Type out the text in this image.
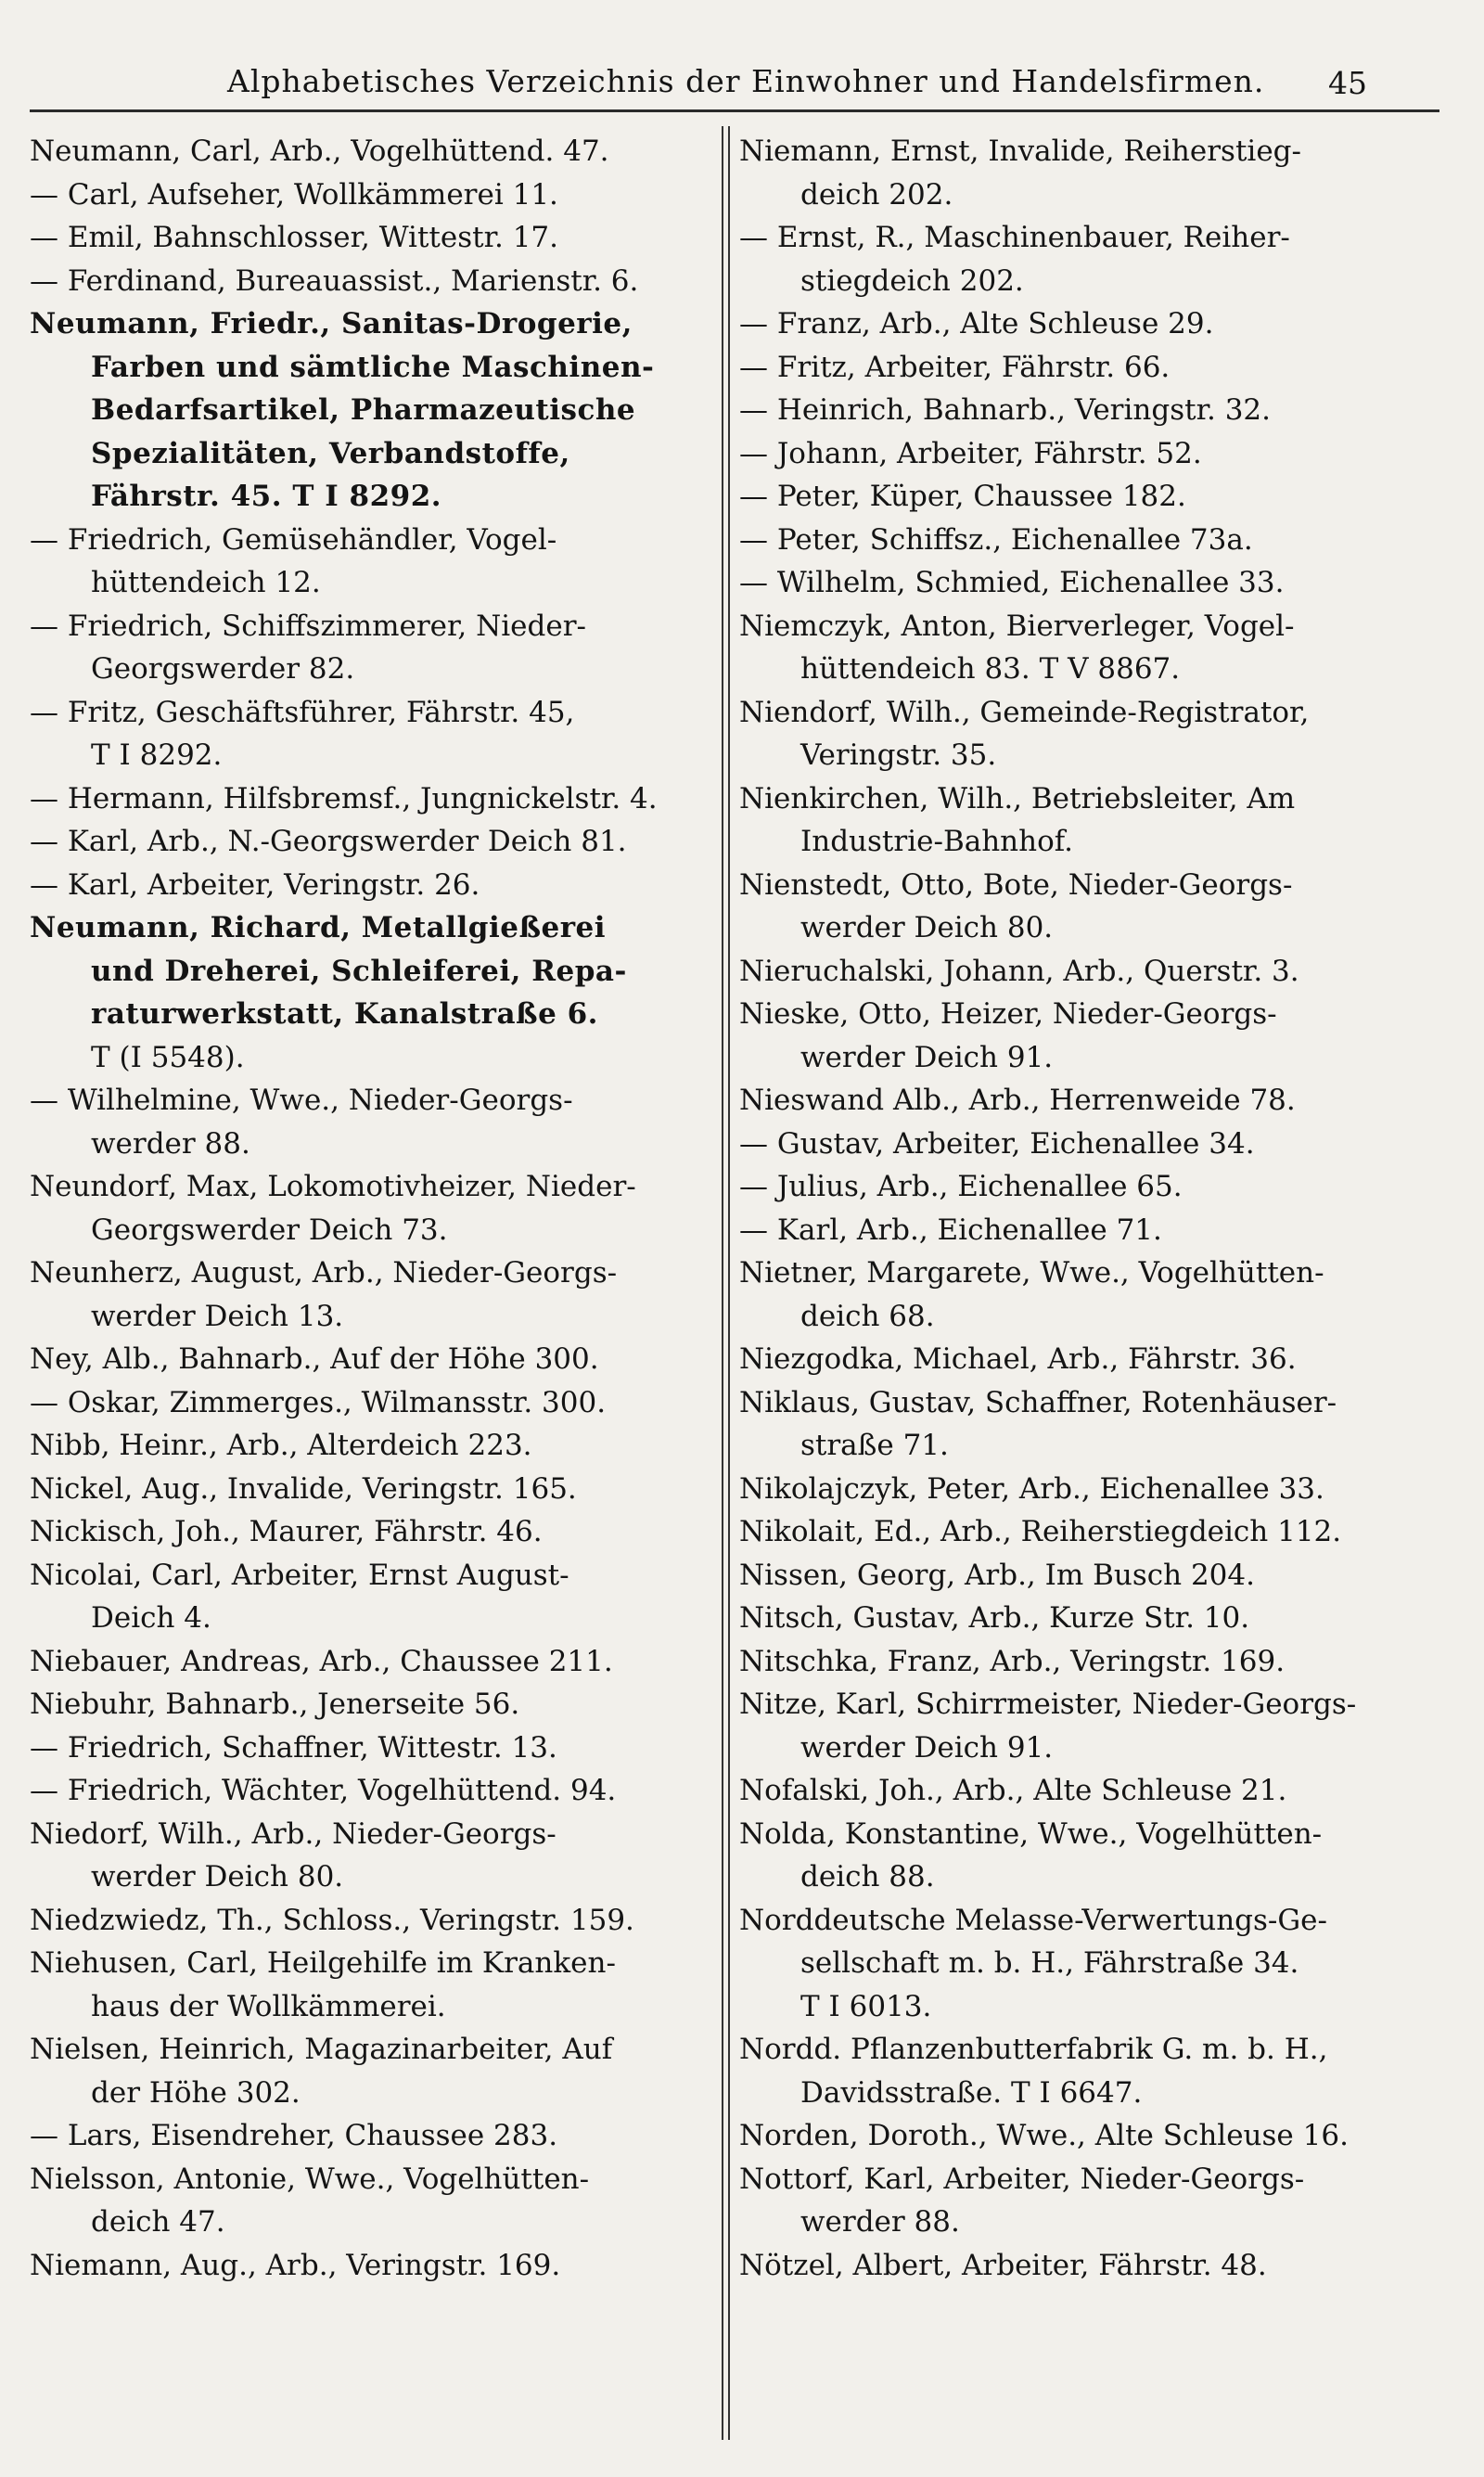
Alphabetisches Verzeichnis der Einwohner und Handelsfirmen.	45
Neumann, Carl, Arb., Vogelhüttend. 47.
— Carl, Aufseher, Wollkämmerei 11.
— Emil, Bahnschlosser, Wittestr. 17.
— Ferdinand, Bureauassist., Marienstr. 6.
Neumann, Friedr., Sanitas-Drogerie,
Farben und sämtliche Maschinen-
Bedarfsartikel, Pharmazeutische
Spezialitäten, Verbandstoffe,
Fährstr. 45. T I 8292.
— Friedrich, Gemüsehändler, Vogel-
hüttendeich 12.
— Friedrich, Schiffszimmerer, Nieder-
Georgswerder 82.
— Fritz, Geschäftsführer, Fährstr. 45,
T I 8292.
— Hermann, Hilfsbremsf., Jungnickelstr. 4.
— Karl, Arb., N.-Georgswerder Deich 81.
— Karl, Arbeiter, Veringstr. 26.
Neumann, Richard, Metallgießerei
und Dreherei, Schleiferei, Repa-
raturwerkstatt, Kanalstraße 6.
T (I 5548).
— Wilhelmine, Wwe., Nieder-Georgs-
werder 88.
Neundorf, Max, Lokomotivheizer, Nieder-
Georgswerder Deich 73.
Neunherz, August, Arb., Nieder-Georgs-
werder Deich 13.
Ney, Alb., Bahnarb., Auf der Höhe 300.
— Oskar, Zimmerges., Wilmansstr. 300.
Nibb, Heinr., Arb., Alterdeich 223.
Nickel, Aug., Invalide, Veringstr. 165.
Nickisch, Joh., Maurer, Fährstr. 46.
Nicolai, Carl, Arbeiter, Ernst August-
Deich 4.
Niebauer, Andreas, Arb., Chaussee 211.
Niebuhr, Bahnarb., Jenerseite 56.
— Friedrich, Schaffner, Wittestr. 13.
— Friedrich, Wächter, Vogelhüttend. 94.
Niedorf, Wilh., Arb., Nieder-Georgs-
werder Deich 80.
Niedzwiedz, Th., Schloss., Veringstr. 159.
Niehusen, Carl, Heilgehilfe im Kranken-
haus der Wollkämmerei.
Nielsen, Heinrich, Magazinarbeiter, Auf
der Höhe 302.
— Lars, Eisendreher, Chaussee 283.
Nielsson, Antonie, Wwe., Vogelhütten-
deich 47.
Niemann, Aug., Arb., Veringstr. 169.
Niemann, Ernst, Invalide, Reiherstieg-
deich 202.
— Ernst, R., Maschinenbauer, Reiher-
stiegdeich 202.
— Franz, Arb., Alte Schleuse 29.
— Fritz, Arbeiter, Fährstr. 66.
— Heinrich, Bahnarb., Veringstr. 32.
— Johann, Arbeiter, Fährstr. 52.
— Peter, Küper, Chaussee 182.
— Peter, Schiffsz., Eichenallee 73a.
— Wilhelm, Schmied, Eichenallee 33.
Niemczyk, Anton, Bierverleger, Vogel-
hüttendeich 83. T V 8867.
Niendorf, Wilh., Gemeinde-Registrator,
Veringstr. 35.
Nienkirchen, Wilh., Betriebsleiter, Am
Industrie-Bahnhof.
Nienstedt, Otto, Bote, Nieder-Georgs-
werder Deich 80.
Nieruchalski, Johann, Arb., Querstr. 3.
Nieske, Otto, Heizer, Nieder-Georgs-
werder Deich 91.
Nieswand Alb., Arb., Herrenweide 78.
— Gustav, Arbeiter, Eichenallee 34.
— Julius, Arb., Eichenallee 65.
— Karl, Arb., Eichenallee 71.
Nietner, Margarete, Wwe., Vogelhütten-
deich 68.
Niezgodka, Michael, Arb., Fährstr. 36.
Niklaus, Gustav, Schaffner, Rotenhäuser-
straße 71.
Nikolajczyk, Peter, Arb., Eichenallee 33.
Nikolait, Ed., Arb., Reiherstiegdeich 112.
Nissen, Georg, Arb., Im Busch 204.
Nitsch, Gustav, Arb., Kurze Str. 10.
Nitschka, Franz, Arb., Veringstr. 169.
Nitze, Karl, Schirrmeister, Nieder-Georgs-
werder Deich 91.
Nofalski, Joh., Arb., Alte Schleuse 21.
Nolda, Konstantine, Wwe., Vogelhütten-
deich 88.
Norddeutsche Melasse-Verwertungs-Ge-
sellschaft m. b. H., Fährstraße 34.
T I 6013.
Nordd. Pflanzenbutterfabrik G. m. b. H.,
Davidsstraße. T I 6647.
Norden, Doroth., Wwe., Alte Schleuse 16.
Nottorf, Karl, Arbeiter, Nieder-Georgs-
werder 88.
Nötzel, Albert, Arbeiter, Fährstr. 48.
